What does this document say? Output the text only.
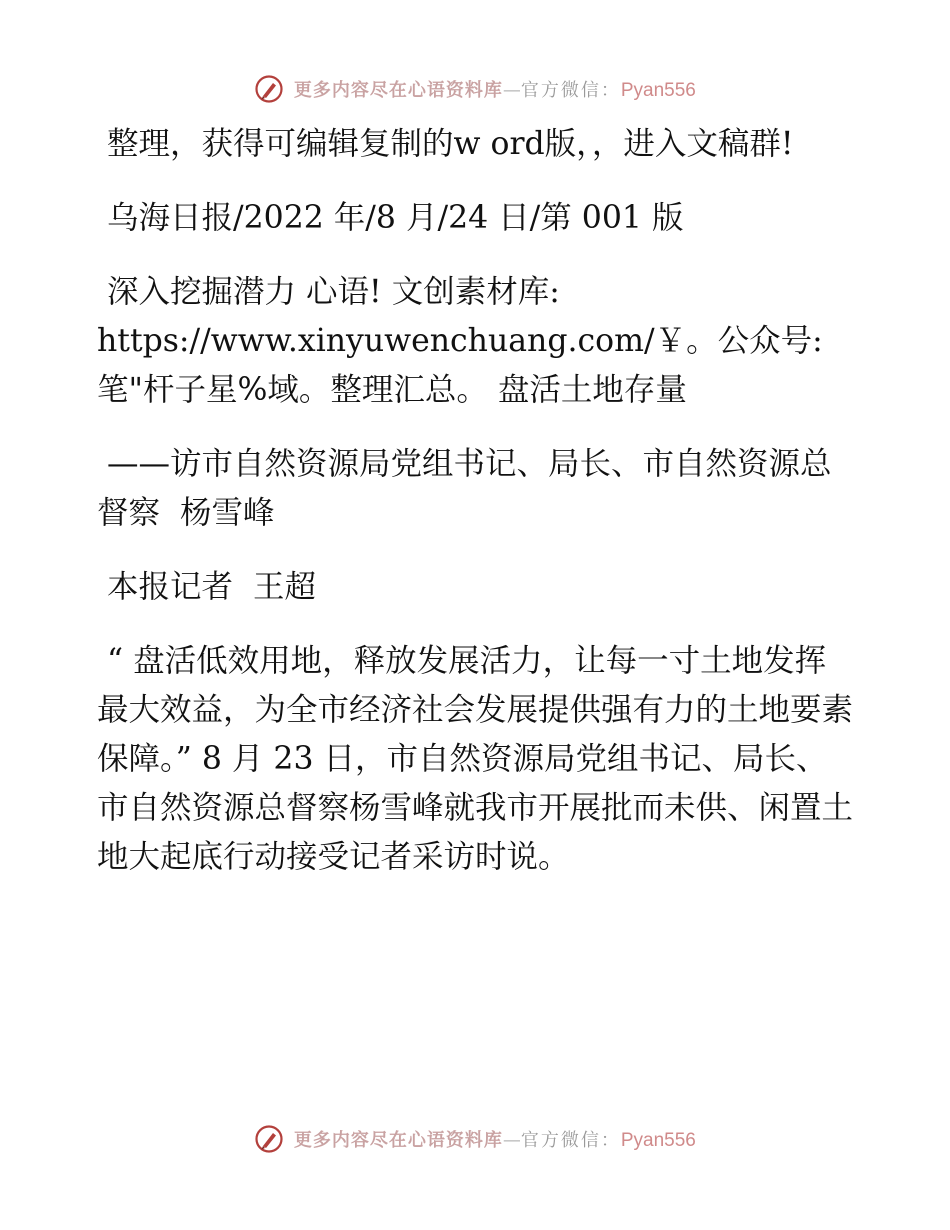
更多内容尽在心语资料库—官方微信：Pyan556

整理，获得可编辑复制的w ord版，，进入文稿群!

乌海日报/2022 年/8 月/24 日/第 001 版

深入挖掘潜力 心语! 文创素材库: https://www.xinyuwenchuang.com/￥。公众号: 笔"杆子星%域。整理汇总。 盘活土地存量

——访市自然资源局党组书记、局长、市自然资源总督察  杨雪峰

本报记者  王超

“ 盘活低效用地，释放发展活力，让每一寸土地发挥最大效益，为全市经济社会发展提供强有力的土地要素保障。” 8 月 23 日，市自然资源局党组书记、局长、市自然资源总督察杨雪峰就我市开展批而未供、闲置土地大起底行动接受记者采访时说。

更多内容尽在心语资料库—官方微信：Pyan556
